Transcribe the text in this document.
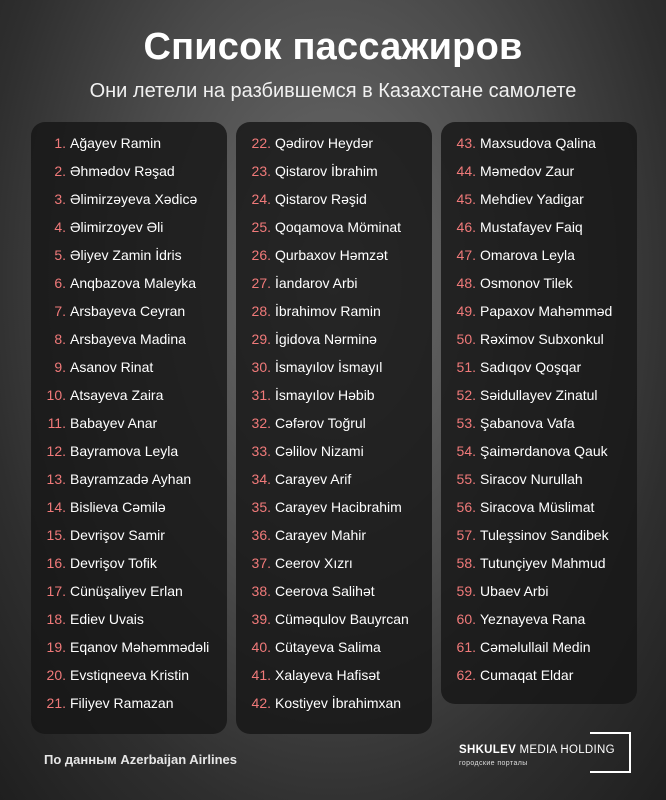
Список пассажиров
Они летели на разбившемся в Казахстане самолете
1. Ağayev Ramin
2. Əhmədov Rəşad
3. Əlimirzəyeva Xədicə
4. Əlimirzoyev Əli
5. Əliyev Zamin İdris
6. Anqbazova Maleyka
7. Arsbayeva Ceyran
8. Arsbayeva Madina
9. Asanov Rinat
10. Atsayeva Zaira
11. Babayev Anar
12. Bayramova Leyla
13. Bayramzadə Ayhan
14. Bislieva Cəmilə
15. Devrişov Samir
16. Devrişov Tofik
17. Cünüşaliyev Erlan
18. Ediev Uvais
19. Eqanov Məhəmmədəli
20. Evstiqneeva Kristin
21. Filiyev Ramazan
22. Qədirov Heydər
23. Qistarov İbrahim
24. Qistarov Rəşid
25. Qoqamova Möminat
26. Qurbaxov Həmzət
27. İandarov Arbi
28. İbrahimov Ramin
29. İgidova Nərminə
30. İsmayılov İsmayıl
31. İsmayılov Həbib
32. Cəfərov Toğrul
33. Cəlilov Nizami
34. Carayev Arif
35. Carayev Hacibrahim
36. Carayev Mahir
37. Ceerov Xızrı
38. Ceerova Salihət
39. Cüməqulov Bauyrcan
40. Cütayeva Salima
41. Xalayeva Hafisət
42. Kostiyev İbrahimxan
43. Maxsudova Qalina
44. Məmedov Zaur
45. Mehdiev Yadigar
46. Mustafayev Faiq
47. Omarova Leyla
48. Osmonov Tilek
49. Papaxov Mahəmməd
50. Rəximov Subxonkul
51. Sadıqov Qoşqar
52. Səidullayev Zinatul
53. Şabanova Vafa
54. Şaimərdanova Qauk
55. Siracov Nurullah
56. Siracova Müslimat
57. Tuleşsinov Sandibek
58. Tutunçiyev Mahmud
59. Ubaev Arbi
60. Yeznayeva Rana
61. Cəməlullail Medin
62. Cumaqat Eldar
По данным Azerbaijan Airlines
SHKULEV MEDIA HOLDING
городские порталы
